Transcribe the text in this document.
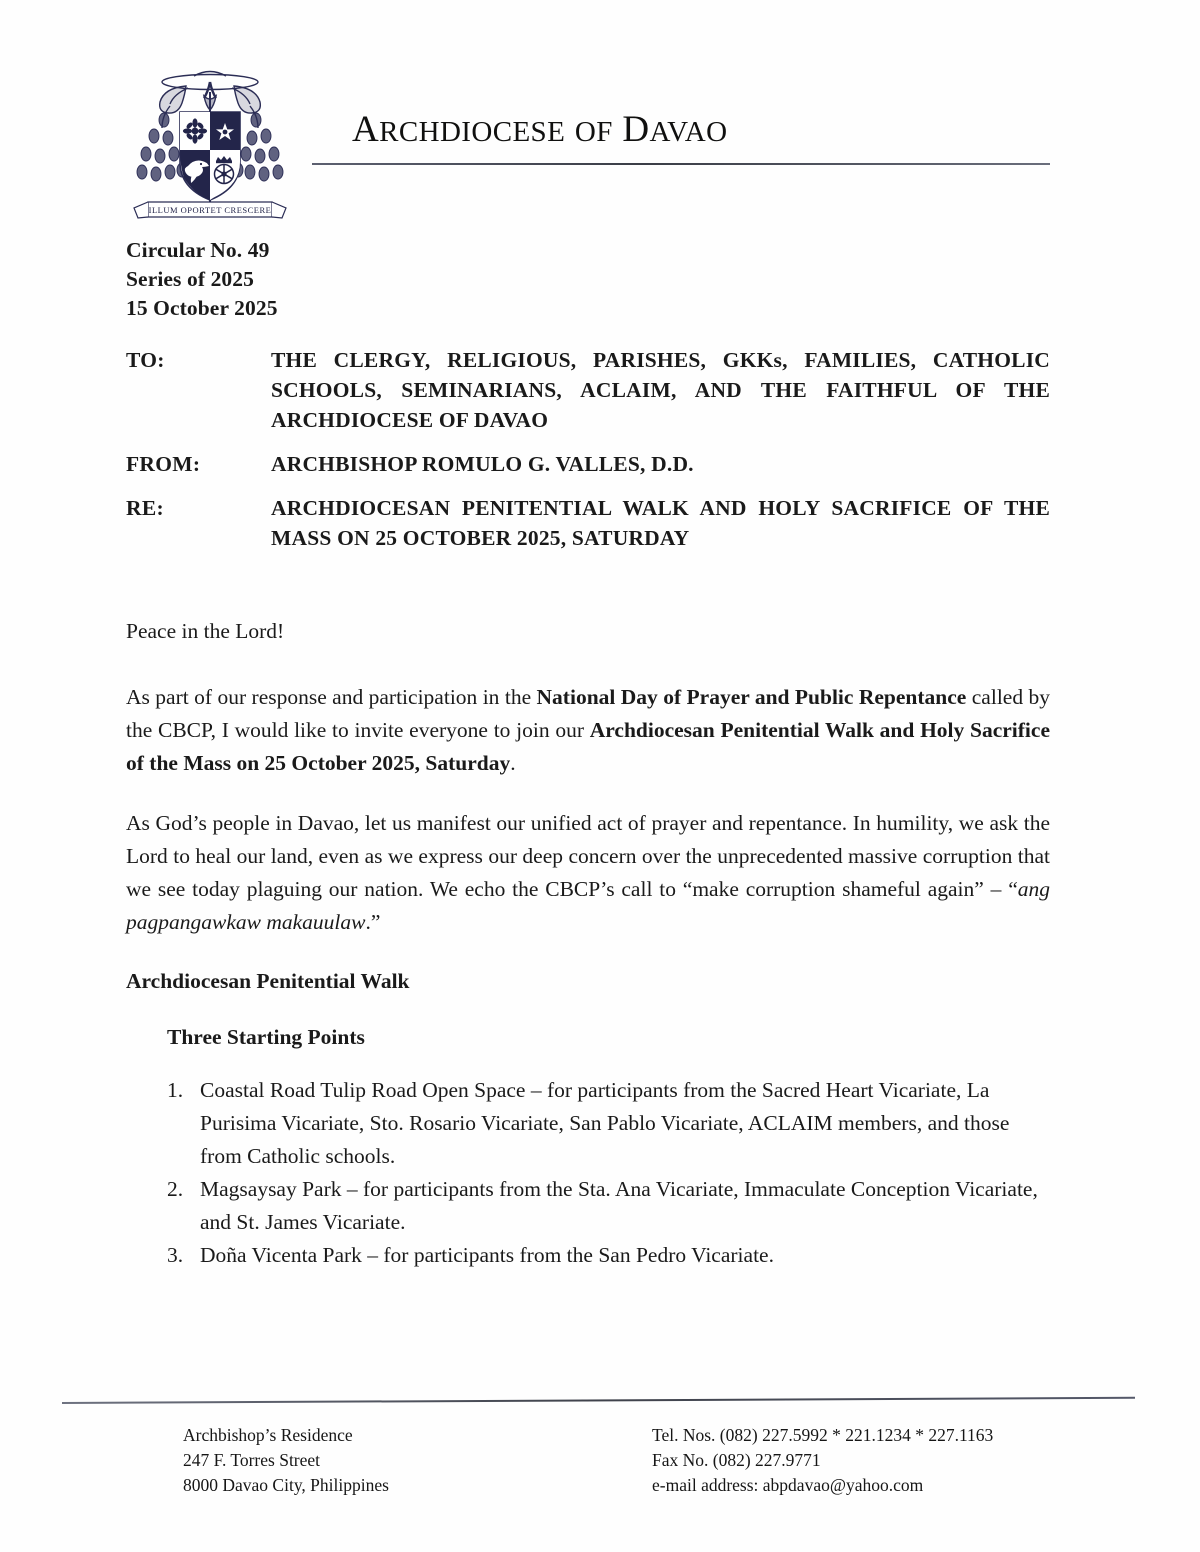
ILLUM OPORTET CRESCERE
ARCHDIOCESE OF DAVAO
Circular No. 49
Series of 2025
15 October 2025
TO:	THE CLERGY, RELIGIOUS, PARISHES, GKKs, FAMILIES, CATHOLIC SCHOOLS, SEMINARIANS, ACLAIM, AND THE FAITHFUL OF THE ARCHDIOCESE OF DAVAO
FROM:	ARCHBISHOP ROMULO G. VALLES, D.D.
RE:	ARCHDIOCESAN PENITENTIAL WALK AND HOLY SACRIFICE OF THE MASS ON 25 OCTOBER 2025, SATURDAY

Peace in the Lord!

As part of our response and participation in the National Day of Prayer and Public Repentance called by the CBCP, I would like to invite everyone to join our Archdiocesan Penitential Walk and Holy Sacrifice of the Mass on 25 October 2025, Saturday.

As God’s people in Davao, let us manifest our unified act of prayer and repentance. In humility, we ask the Lord to heal our land, even as we express our deep concern over the unprecedented massive corruption that we see today plaguing our nation. We echo the CBCP’s call to “make corruption shameful again” – “ang pagpangawkaw makauulaw.”

Archdiocesan Penitential Walk

Three Starting Points

1. Coastal Road Tulip Road Open Space – for participants from the Sacred Heart Vicariate, La Purisima Vicariate, Sto. Rosario Vicariate, San Pablo Vicariate, ACLAIM members, and those from Catholic schools.
2. Magsaysay Park – for participants from the Sta. Ana Vicariate, Immaculate Conception Vicariate, and St. James Vicariate.
3. Doña Vicenta Park – for participants from the San Pedro Vicariate.
Archbishop’s Residence
247 F. Torres Street
8000 Davao City, Philippines
Tel. Nos. (082) 227.5992 * 221.1234 * 227.1163
Fax No. (082) 227.9771
e-mail address: abpdavao@yahoo.com
